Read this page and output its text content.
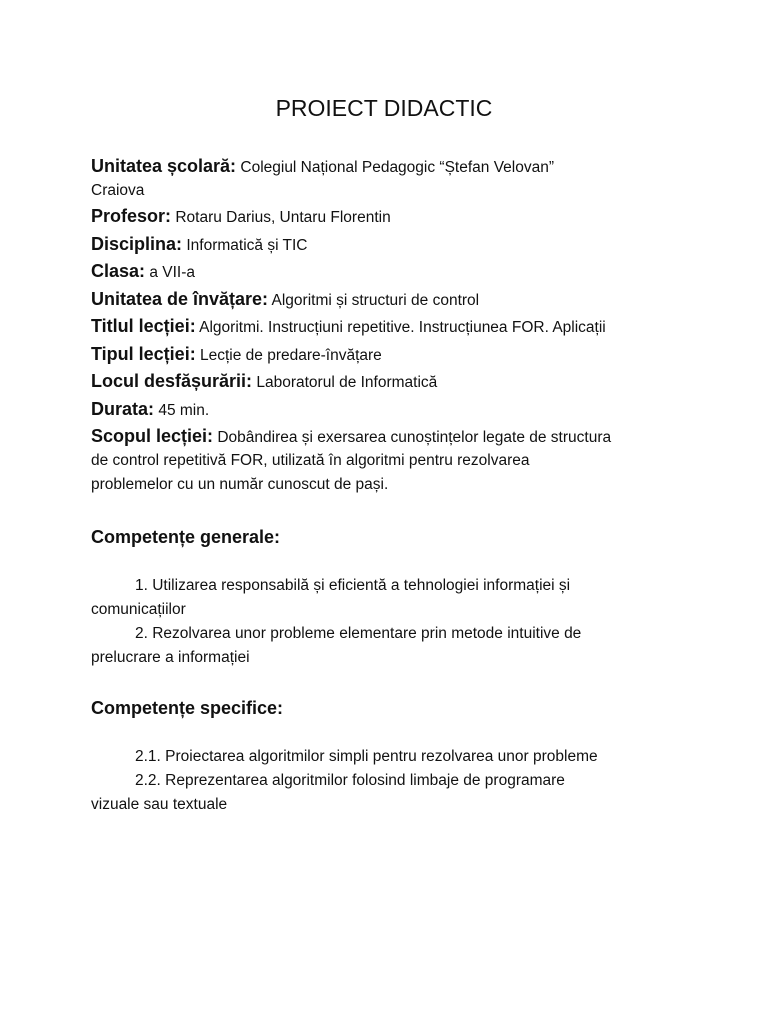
PROIECT DIDACTIC
Unitatea școlară: Colegiul Național Pedagogic “Ștefan Velovan”
Craiova
Profesor: Rotaru Darius, Untaru Florentin
Disciplina: Informatică și TIC
Clasa: a VII-a
Unitatea de învățare: Algoritmi și structuri de control
Titlul lecției: Algoritmi. Instrucțiuni repetitive. Instrucțiunea FOR. Aplicații
Tipul lecției: Lecție de predare-învățare
Locul desfășurării: Laboratorul de Informatică
Durata: 45 min.
Scopul lecției: Dobândirea și exersarea cunoștințelor legate de structura
de control repetitivă FOR, utilizată în algoritmi pentru rezolvarea
problemelor cu un număr cunoscut de pași.
Competențe generale:
1. Utilizarea responsabilă și eficientă a tehnologiei informației și
comunicațiilor
2. Rezolvarea unor probleme elementare prin metode intuitive de
prelucrare a informației
Competențe specifice:
2.1. Proiectarea algoritmilor simpli pentru rezolvarea unor probleme
2.2. Reprezentarea algoritmilor folosind limbaje de programare
vizuale sau textuale
